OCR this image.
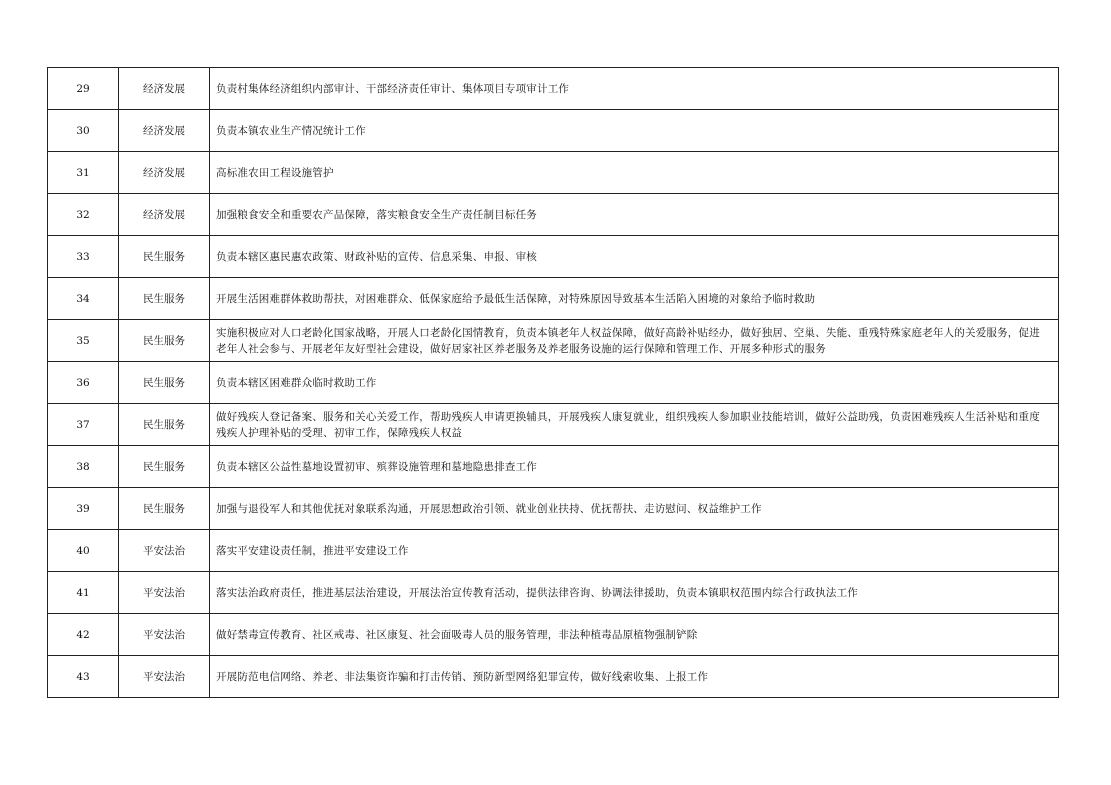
29	经济发展	负责村集体经济组织内部审计、干部经济责任审计、集体项目专项审计工作
30	经济发展	负责本镇农业生产情况统计工作
31	经济发展	高标准农田工程设施管护
32	经济发展	加强粮食安全和重要农产品保障，落实粮食安全生产责任制目标任务
33	民生服务	负责本辖区惠民惠农政策、财政补贴的宣传、信息采集、申报、审核
34	民生服务	开展生活困难群体救助帮扶，对困难群众、低保家庭给予最低生活保障，对特殊原因导致基本生活陷入困境的对象给予临时救助
35	民生服务	实施积极应对人口老龄化国家战略，开展人口老龄化国情教育，负责本镇老年人权益保障，做好高龄补贴经办，做好独居、空巢、失能、重残特殊家庭老年人的关爱服务，促进老年人社会参与、开展老年友好型社会建设，做好居家社区养老服务及养老服务设施的运行保障和管理工作、开展多种形式的服务
36	民生服务	负责本辖区困难群众临时救助工作
37	民生服务	做好残疾人登记备案、服务和关心关爱工作，帮助残疾人申请更换辅具，开展残疾人康复就业，组织残疾人参加职业技能培训，做好公益助残，负责困难残疾人生活补贴和重度残疾人护理补贴的受理、初审工作，保障残疾人权益
38	民生服务	负责本辖区公益性墓地设置初审、殡葬设施管理和墓地隐患排查工作
39	民生服务	加强与退役军人和其他优抚对象联系沟通，开展思想政治引领、就业创业扶持、优抚帮扶、走访慰问、权益维护工作
40	平安法治	落实平安建设责任制，推进平安建设工作
41	平安法治	落实法治政府责任，推进基层法治建设，开展法治宣传教育活动，提供法律咨询、协调法律援助，负责本镇职权范围内综合行政执法工作
42	平安法治	做好禁毒宣传教育、社区戒毒、社区康复、社会面吸毒人员的服务管理，非法种植毒品原植物强制铲除
43	平安法治	开展防范电信网络、养老、非法集资诈骗和打击传销、预防新型网络犯罪宣传，做好线索收集、上报工作
